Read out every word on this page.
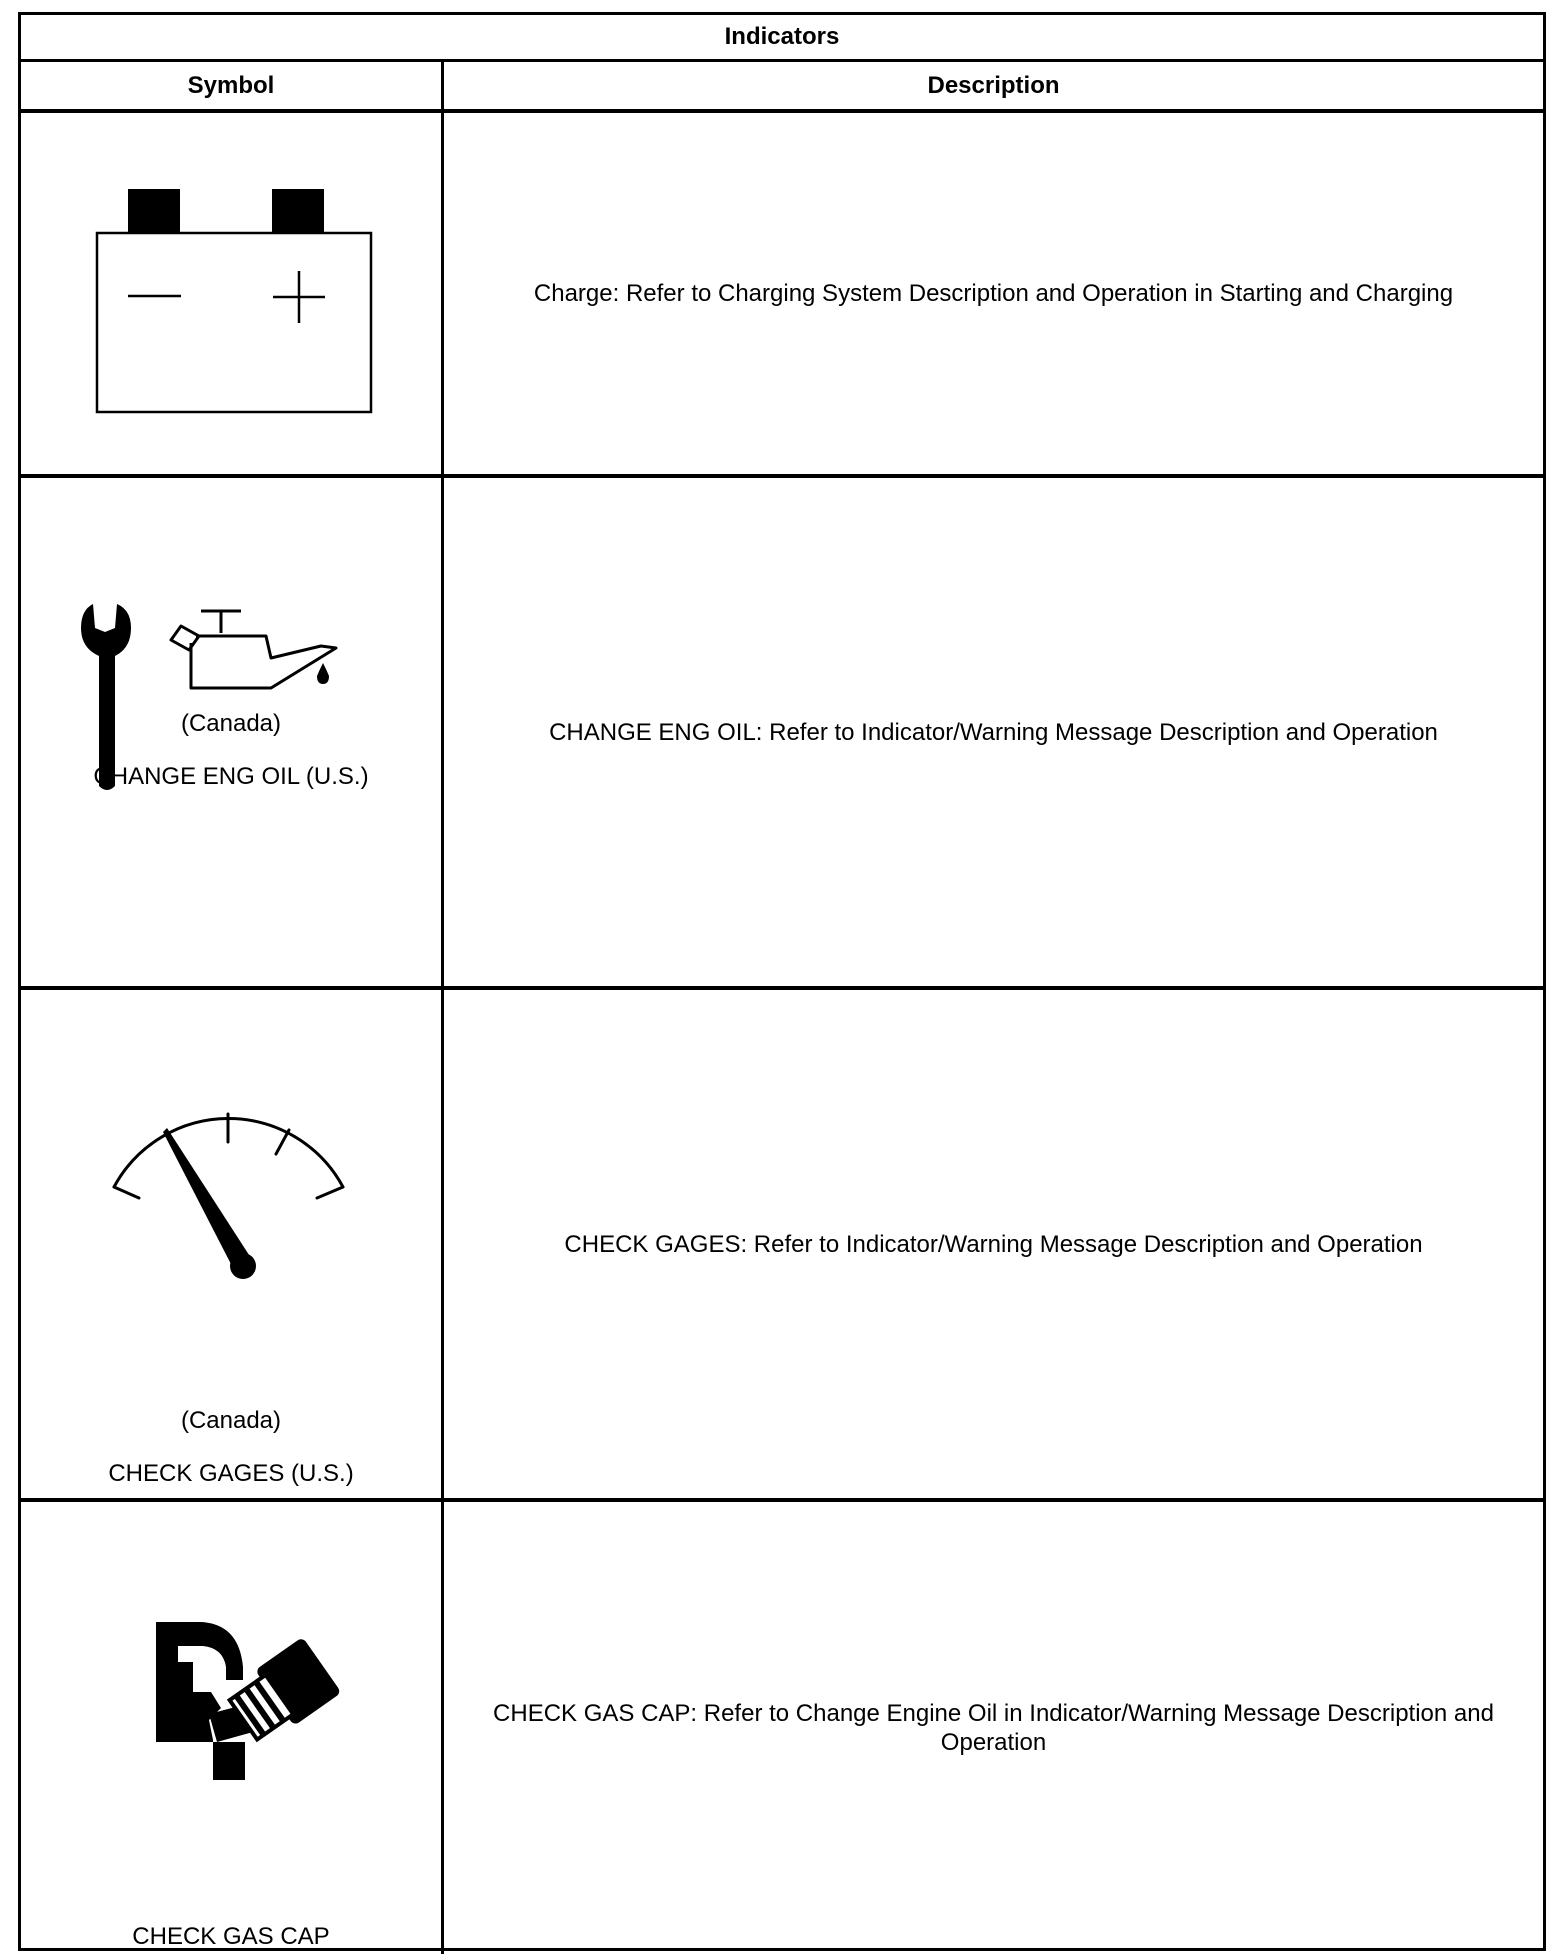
Indicators
Symbol	Description
Charge: Refer to Charging System Description and Operation in Starting and Charging
(Canada)
CHANGE ENG OIL (U.S.)
CHANGE ENG OIL: Refer to Indicator/Warning Message Description and Operation
(Canada)
CHECK GAGES (U.S.)
CHECK GAGES: Refer to Indicator/Warning Message Description and Operation
CHECK GAS CAP
CHECK GAS CAP: Refer to Change Engine Oil in Indicator/Warning Message Description and Operation
